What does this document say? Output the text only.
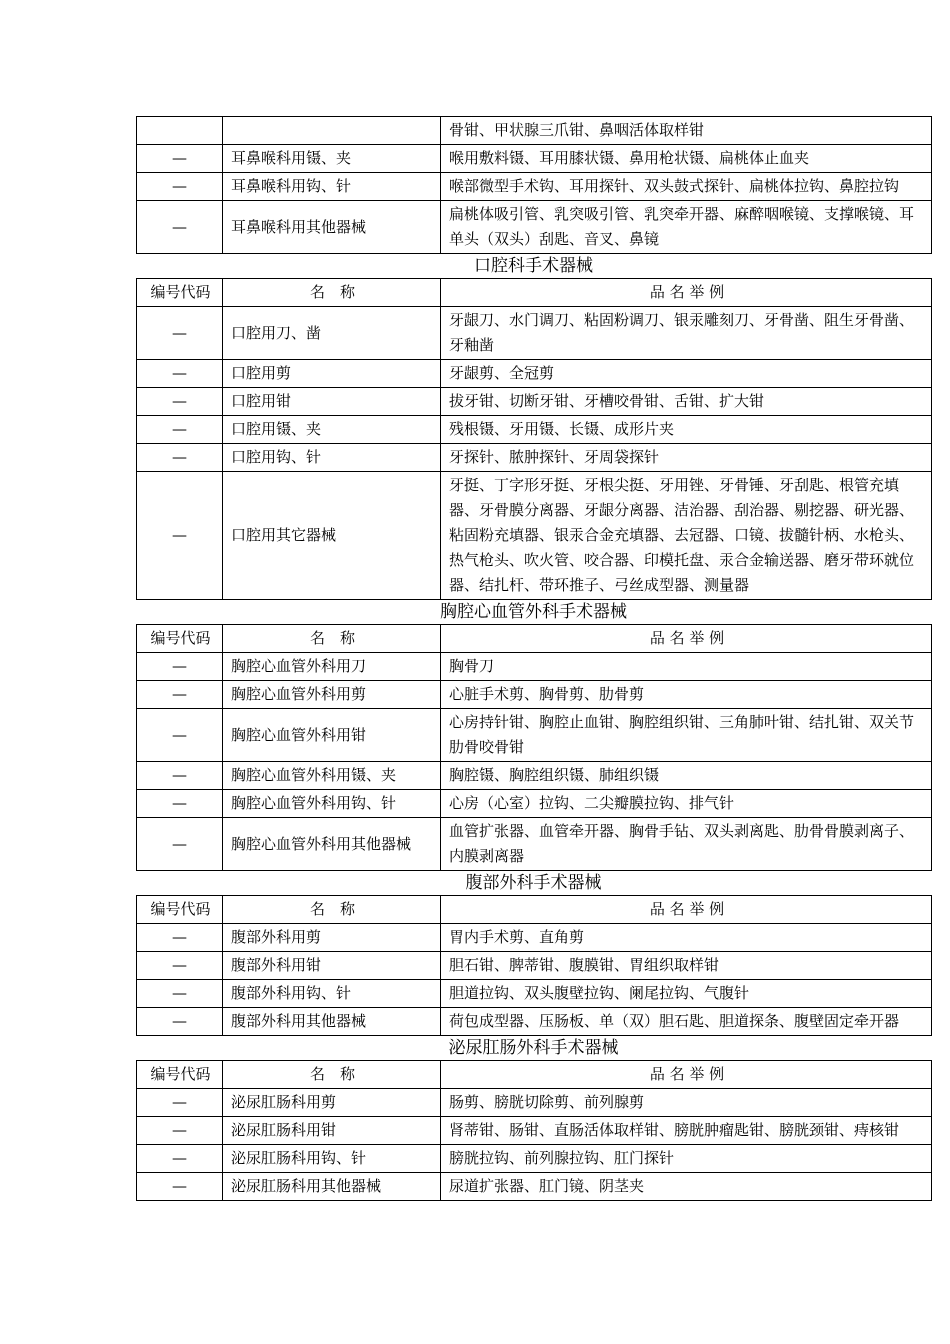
		骨钳、甲状腺三爪钳、鼻咽活体取样钳
—	耳鼻喉科用镊、夹	喉用敷料镊、耳用膝状镊、鼻用枪状镊、扁桃体止血夹
—	耳鼻喉科用钩、针	喉部微型手术钩、耳用探针、双头鼓式探针、扁桃体拉钩、鼻腔拉钩
—	耳鼻喉科用其他器械	扁桃体吸引管、乳突吸引管、乳突牵开器、麻醉咽喉镜、支撑喉镜、耳单头（双头）刮匙、音叉、鼻镜
口腔科手术器械
编号代码	名　称	品 名 举 例
—	口腔用刀、凿	牙龈刀、水门调刀、粘固粉调刀、银汞雕刻刀、牙骨凿、阻生牙骨凿、牙釉凿
—	口腔用剪	牙龈剪、全冠剪
—	口腔用钳	拔牙钳、切断牙钳、牙槽咬骨钳、舌钳、扩大钳
—	口腔用镊、夹	残根镊、牙用镊、长镊、成形片夹
—	口腔用钩、针	牙探针、脓肿探针、牙周袋探针
—	口腔用其它器械	牙挺、丁字形牙挺、牙根尖挺、牙用锉、牙骨锤、牙刮匙、根管充填器、牙骨膜分离器、牙龈分离器、洁治器、刮治器、剔挖器、研光器、粘固粉充填器、银汞合金充填器、去冠器、口镜、拔髓针柄、水枪头、热气枪头、吹火管、咬合器、印模托盘、汞合金输送器、磨牙带环就位器、结扎杆、带环推子、弓丝成型器、测量器
胸腔心血管外科手术器械
编号代码	名　称	品 名 举 例
—	胸腔心血管外科用刀	胸骨刀
—	胸腔心血管外科用剪	心脏手术剪、胸骨剪、肋骨剪
—	胸腔心血管外科用钳	心房持针钳、胸腔止血钳、胸腔组织钳、三角肺叶钳、结扎钳、双关节肋骨咬骨钳
—	胸腔心血管外科用镊、夹	胸腔镊、胸腔组织镊、肺组织镊
—	胸腔心血管外科用钩、针	心房（心室）拉钩、二尖瓣膜拉钩、排气针
—	胸腔心血管外科用其他器械	血管扩张器、血管牵开器、胸骨手钻、双头剥离匙、肋骨骨膜剥离子、内膜剥离器
腹部外科手术器械
编号代码	名　称	品 名 举 例
—	腹部外科用剪	胃内手术剪、直角剪
—	腹部外科用钳	胆石钳、脾蒂钳、腹膜钳、胃组织取样钳
—	腹部外科用钩、针	胆道拉钩、双头腹壁拉钩、阑尾拉钩、气腹针
—	腹部外科用其他器械	荷包成型器、压肠板、单（双）胆石匙、胆道探条、腹壁固定牵开器
泌尿肛肠外科手术器械
编号代码	名　称	品 名 举 例
—	泌尿肛肠科用剪	肠剪、膀胱切除剪、前列腺剪
—	泌尿肛肠科用钳	肾蒂钳、肠钳、直肠活体取样钳、膀胱肿瘤匙钳、膀胱颈钳、痔核钳
—	泌尿肛肠科用钩、针	膀胱拉钩、前列腺拉钩、肛门探针
—	泌尿肛肠科用其他器械	尿道扩张器、肛门镜、阴茎夹
